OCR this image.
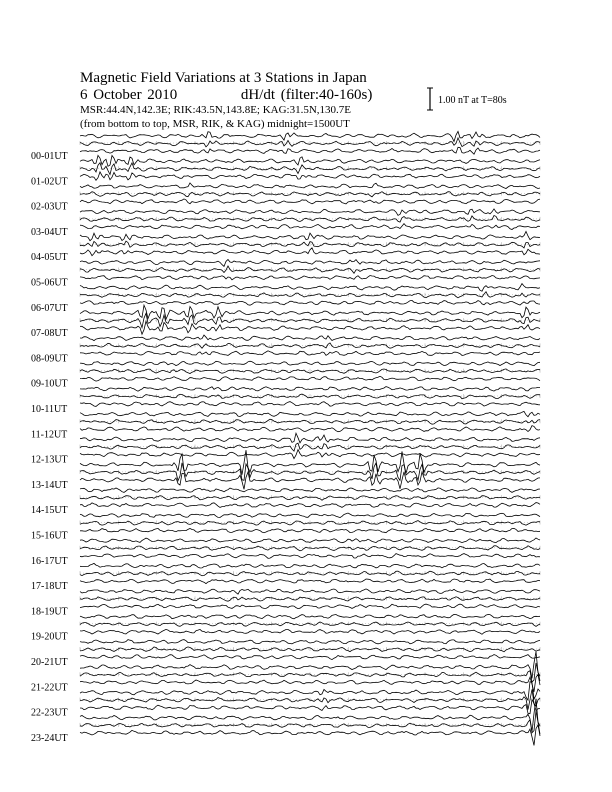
Magnetic Field Variations at 3 Stations in Japan
6 October 2010	dH/dt (filter:40-160s)
MSR:44.4N,142.3E; RIK:43.5N,143.8E; KAG:31.5N,130.7E
(from bottom to top, MSR, RIK, & KAG) midnight=1500UT
1.00 nT at T=80s
00-01UT
01-02UT
02-03UT
03-04UT
04-05UT
05-06UT
06-07UT
07-08UT
08-09UT
09-10UT
10-11UT
11-12UT
12-13UT
13-14UT
14-15UT
15-16UT
16-17UT
17-18UT
18-19UT
19-20UT
20-21UT
21-22UT
22-23UT
23-24UT
